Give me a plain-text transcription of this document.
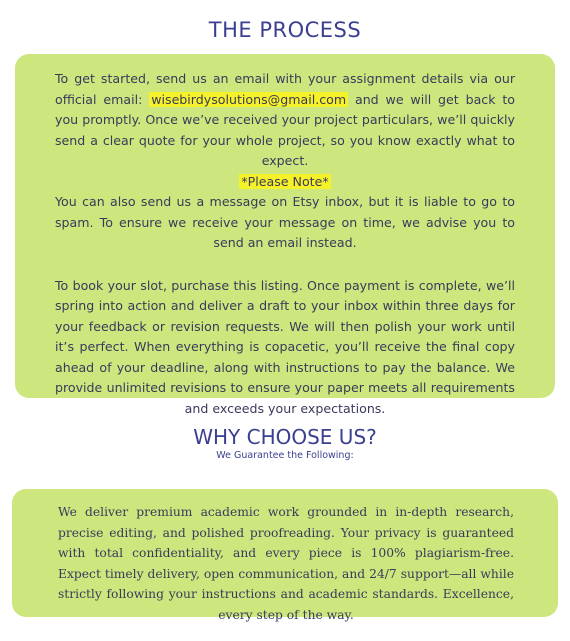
THE PROCESS

To get started, send us an email with your assignment details via our official email: wisebirdysolutions@gmail.com and we will get back to you promptly. Once we’ve received your project particulars, we’ll quickly send a clear quote for your whole project, so you know exactly what to expect.

*Please Note*

You can also send us a message on Etsy inbox, but it is liable to go to spam. To ensure we receive your message on time, we advise you to send an email instead.

To book your slot, purchase this listing. Once payment is complete, we’ll spring into action and deliver a draft to your inbox within three days for your feedback or revision requests. We will then polish your work until it’s perfect. When everything is copacetic, you’ll receive the final copy ahead of your deadline, along with instructions to pay the balance. We provide unlimited revisions to ensure your paper meets all requirements and exceeds your expectations.

WHY CHOOSE US?
We Guarantee the Following:

We deliver premium academic work grounded in in-depth research, precise editing, and polished proofreading. Your privacy is guaranteed with total confidentiality, and every piece is 100% plagiarism-free. Expect timely delivery, open communication, and 24/7 support—all while strictly following your instructions and academic standards. Excellence, every step of the way.
